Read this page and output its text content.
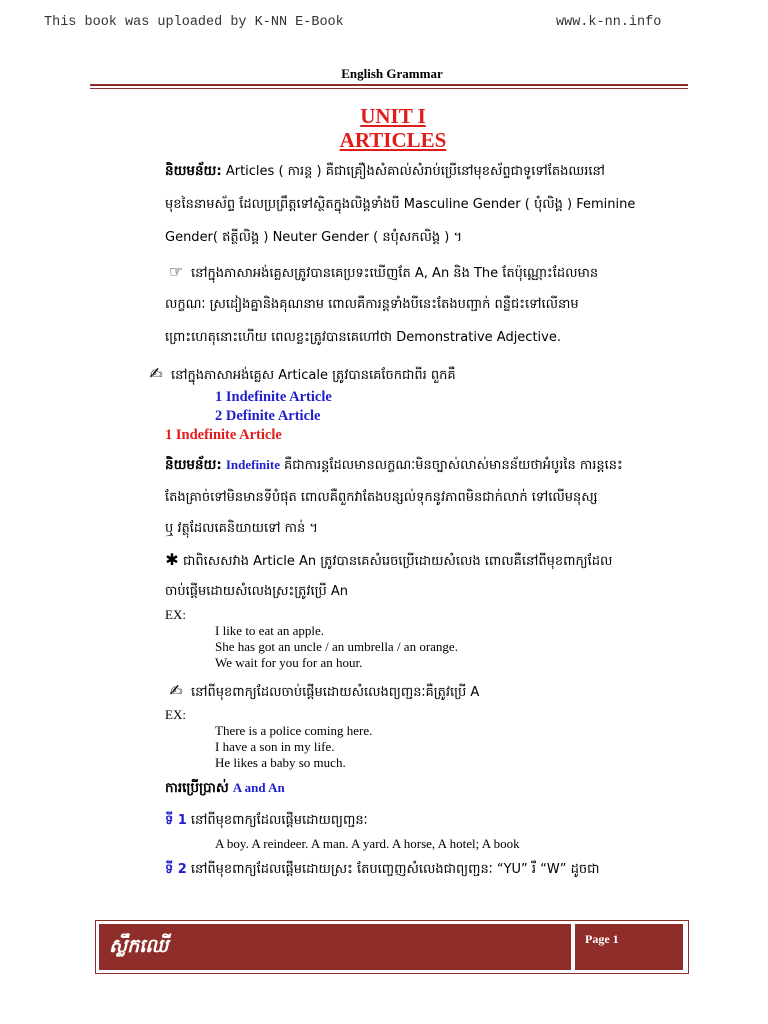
This book was uploaded by K-NN E-Book	www.k-nn.info
English Grammar
UNIT I
ARTICLES
និយមន័យ: Articles ( ការន្ត ) គឺជាគ្រឿងសំគាល់សំរាប់ប្រើនៅមុខស័ព្ទជាទូទៅតែងឈរនៅ
មុខនៃនាមស័ព្ទ ដែលប្រព្រឹត្តទៅស្ថិតក្នុងលិង្គទាំងបី Masculine Gender ( បុំលិង្គ ) Feminine
Gender( ឥត្ថីលិង្គ ) Neuter Gender ( នបុំសកលិង្គ ) ។
☞ នៅក្នុងភាសាអង់គ្លេសត្រូវបានគេប្រទះឃើញតែ A, An និង The តែប៉ុណ្ណោះដែលមាន
លក្ខណៈ ស្រដៀងគ្នានិងគុណនាម ពោលគឺការន្តទាំងបីនេះតែងបញ្ជាក់ ពន្លឺជះទៅលើនាម
ព្រោះហេតុនោះហើយ ពេលខ្លះត្រូវបានគេហៅថា Demonstrative Adjective.
✍ នៅក្នុងភាសាអង់គ្លេស Articale ត្រូវបានគេចែកជាពីរ ពួកគឺ
1 Indefinite Article
2 Definite Article
1 Indefinite Article
និយមន័យ: Indefinite គឺជាការន្តដែលមានលក្ខណៈមិនច្បាស់លាស់មានន័យថាអំបូរនៃ ការន្តនេះ
តែងគ្រាច់ទៅមិនមានទីបំផុត ពោលគឺពួកវាតែងបន្សល់ទុកនូវភាពមិនជាក់លាក់ ទៅលើមនុស្ស
ឬ វត្ថុដែលគេនិយាយទៅ កាន់ ។
✱ ជាពិសេសវាង Article An ត្រូវបានគេសំរេចប្រើដោយសំលេង ពោលគឺនៅពីមុខពាក្យដែល
ចាប់ផ្តើមដោយសំលេងស្រះត្រូវប្រើ An
EX:
I like to eat an apple.
She has got an uncle / an umbrella / an orange.
We wait for you for an hour.
✍ នៅពីមុខពាក្យដែលចាប់ផ្តើមដោយសំលេងព្យញ្ជនៈគឺត្រូវប្រើ A
EX:
There is a police coming here.
I have a son in my life.
He likes a baby so much.
ការប្រើប្រាស់ A and An
ទី 1 នៅពីមុខពាក្យដែលផ្តើមដោយព្យញ្ជនៈ
A boy. A reindeer. A man. A yard. A horse, A hotel; A book
ទី 2 នៅពីមុខពាក្យដែលផ្តើមដោយស្រះ តែបញ្ចេញសំលេងជាព្យញ្ជនៈ “YU” រឺ “W” ដូចជា
ស្លឹកឈើ	Page 1
